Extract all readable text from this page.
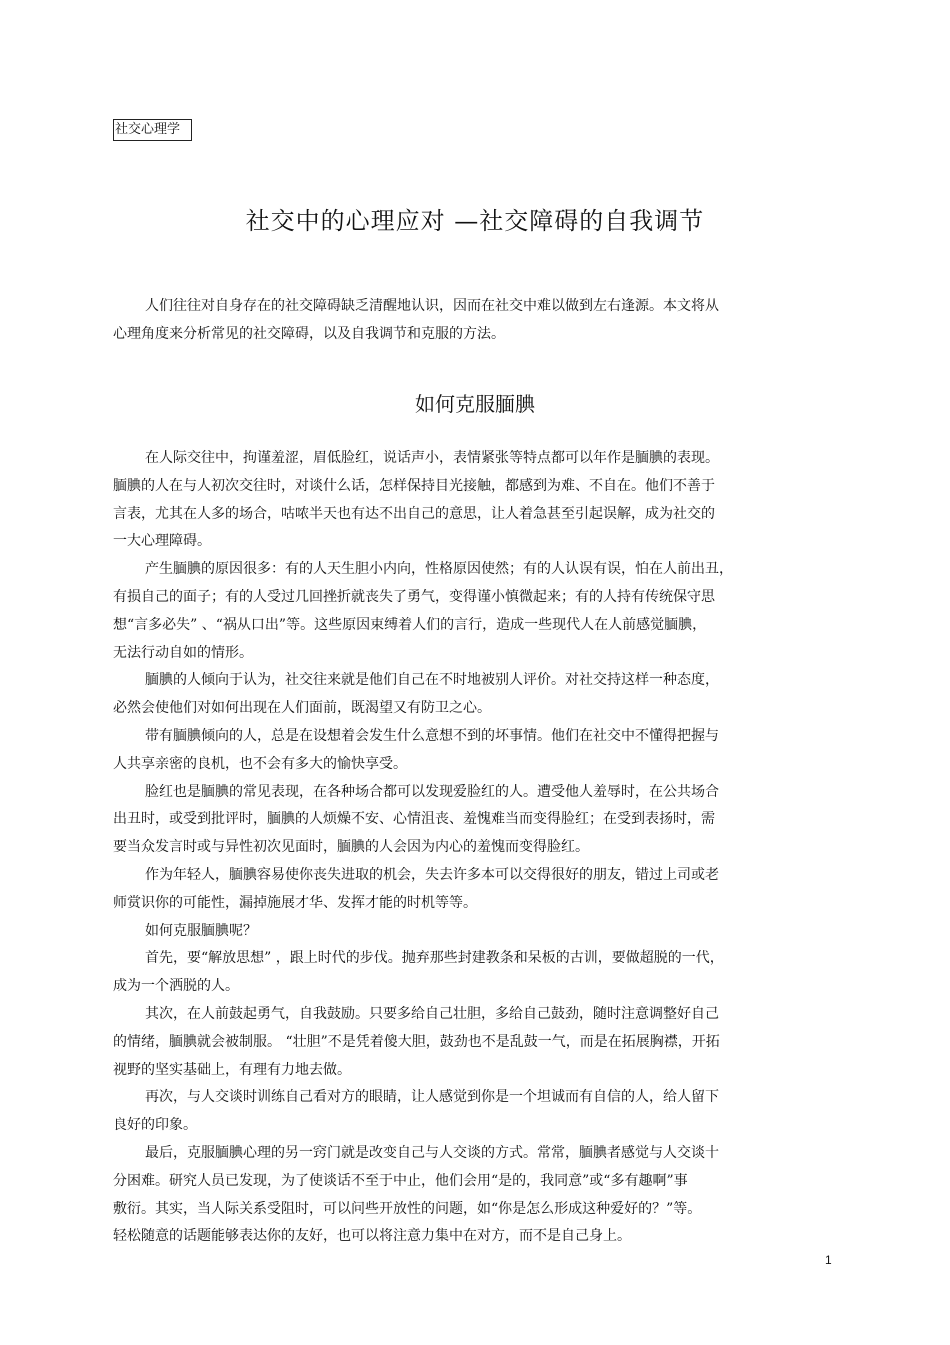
社交心理学
社交中的心理应对 —社交障碍的自我调节
人们往往对自身存在的社交障碍缺乏清醒地认识，因而在社交中难以做到左右逢源。本文将从
心理角度来分析常见的社交障碍，以及自我调节和克服的方法。
如何克服腼腆
在人际交往中，拘谨羞涩，眉低脸红，说话声小，表情紧张等特点都可以年作是腼腆的表现。
腼腆的人在与人初次交往时，对谈什么话，怎样保持目光接触，都感到为难、不自在。他们不善于
言表，尤其在人多的场合，咕哝半天也有达不出自己的意思，让人着急甚至引起误解，成为社交的
一大心理障碍。
产生腼腆的原因很多：有的人天生胆小内向，性格原因使然；有的人认误有误，怕在人前出丑，
有损自己的面子；有的人受过几回挫折就丧失了勇气，变得谨小慎微起来；有的人持有传统保守思
想“言多必失” 、“祸从口出”等。这些原因束缚着人们的言行，造成一些现代人在人前感觉腼腆，
无法行动自如的情形。
腼腆的人倾向于认为，社交往来就是他们自己在不时地被别人评价。对社交持这样一种态度，
必然会使他们对如何出现在人们面前，既渴望又有防卫之心。
带有腼腆倾向的人，总是在设想着会发生什么意想不到的坏事情。他们在社交中不懂得把握与
人共享亲密的良机，也不会有多大的愉快享受。
脸红也是腼腆的常见表现，在各种场合都可以发现爱脸红的人。遭受他人羞辱时，在公共场合
出丑时，或受到批评时，腼腆的人烦燥不安、心情沮丧、羞愧难当而变得脸红；在受到表扬时，需
要当众发言时或与异性初次见面时，腼腆的人会因为内心的羞愧而变得脸红。
作为年轻人，腼腆容易使你丧失进取的机会，失去许多本可以交得很好的朋友，错过上司或老
师赏识你的可能性，漏掉施展才华、发挥才能的时机等等。
如何克服腼腆呢？
首先，要“解放思想” ，跟上时代的步伐。抛弃那些封建教条和呆板的古训，要做超脱的一代，
成为一个洒脱的人。
其次，在人前鼓起勇气，自我鼓励。只要多给自己壮胆，多给自己鼓劲，随时注意调整好自己
的情绪，腼腆就会被制服。 “壮胆”不是凭着傻大胆，鼓劲也不是乱鼓一气，而是在拓展胸襟，开拓
视野的坚实基础上，有理有力地去做。
再次，与人交谈时训练自己看对方的眼睛，让人感觉到你是一个坦诚而有自信的人，给人留下
良好的印象。
最后，克服腼腆心理的另一窍门就是改变自己与人交谈的方式。常常，腼腆者感觉与人交谈十
分困难。研究人员已发现，为了使谈话不至于中止，他们会用“是的，我同意”或“多有趣啊”事
敷衍。其实，当人际关系受阻时，可以问些开放性的问题，如“你是怎么形成这种爱好的？”等。
轻松随意的话题能够表达你的友好，也可以将注意力集中在对方，而不是自己身上。
1
